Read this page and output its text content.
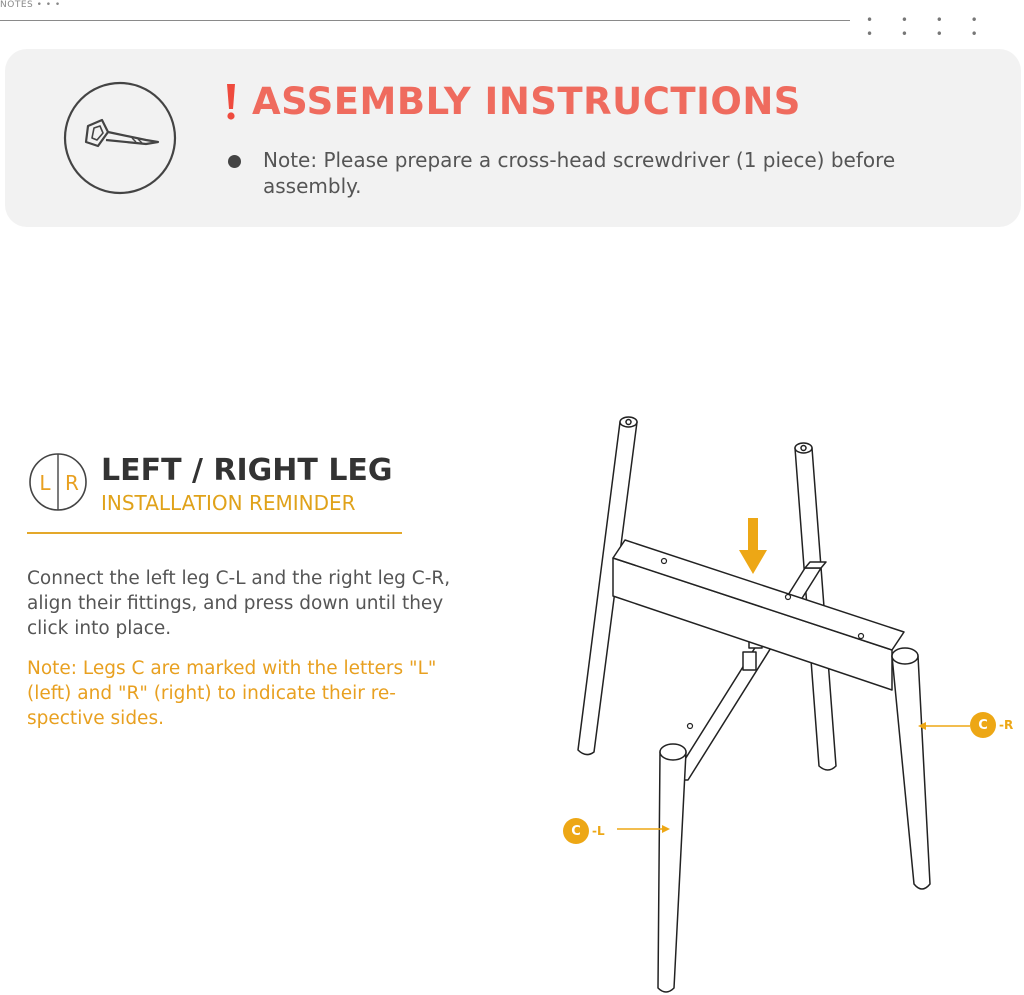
NOTES • • •
• • • • • • • •
ASSEMBLY INSTRUCTIONS
Note: Please prepare a cross-head screwdriver (1 piece) before assembly.
L R LEFT / RIGHT LEG
INSTALLATION REMINDER
Connect the left leg C-L and the right leg C-R, align their fittings, and press down until they click into place.
Note: Legs C are marked with the letters "L" (left) and "R" (right) to indicate their re-spective sides.	C -R
C -L
